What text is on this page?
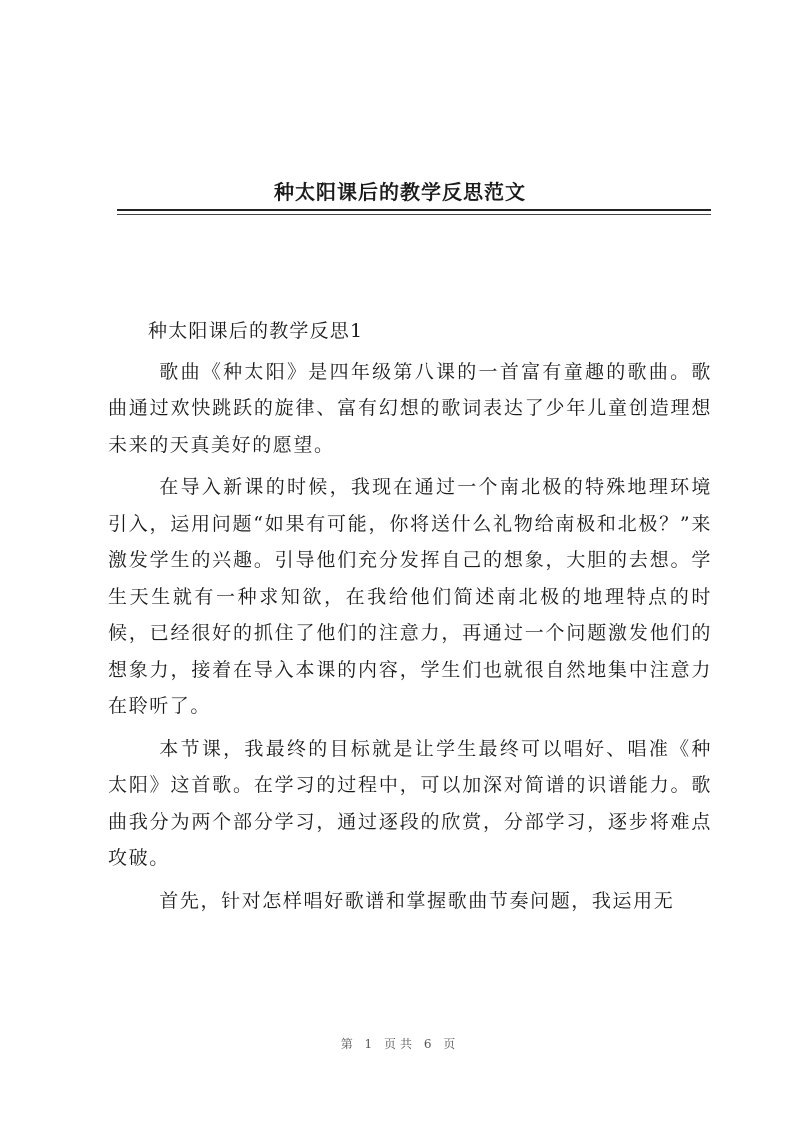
种太阳课后的教学反思范文
种太阳课后的教学反思1

歌曲《种太阳》是四年级第八课的一首富有童趣的歌曲。歌曲通过欢快跳跃的旋律、富有幻想的歌词表达了少年儿童创造理想未来的天真美好的愿望。

在导入新课的时候，我现在通过一个南北极的特殊地理环境引入，运用问题“如果有可能，你将送什么礼物给南极和北极？”来激发学生的兴趣。引导他们充分发挥自己的想象，大胆的去想。学生天生就有一种求知欲，在我给他们简述南北极的地理特点的时候，已经很好的抓住了他们的注意力，再通过一个问题激发他们的想象力，接着在导入本课的内容，学生们也就很自然地集中注意力在聆听了。

本节课，我最终的目标就是让学生最终可以唱好、唱准《种太阳》这首歌。在学习的过程中，可以加深对简谱的识谱能力。歌曲我分为两个部分学习，通过逐段的欣赏，分部学习，逐步将难点攻破。

首先，针对怎样唱好歌谱和掌握歌曲节奏问题，我运用无

第 1 页共 6 页
